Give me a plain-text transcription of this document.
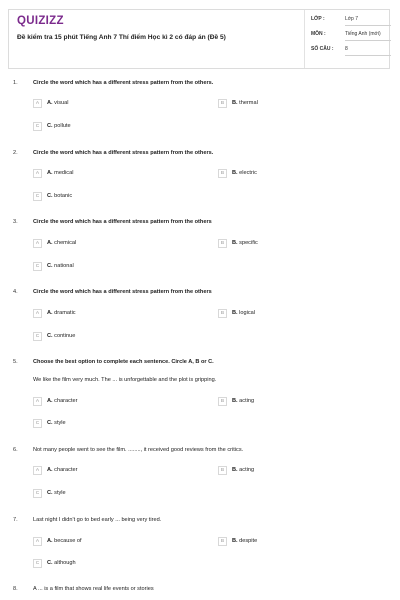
QUIZIZZ
Đề kiểm tra 15 phút Tiếng Anh 7 Thí điểm Học kì 2 có đáp án (Đề 5)
LỚP :	Lớp 7
MÔN :	Tiếng Anh (mới)
SỐ CÂU : 8
1.	Circle the word which has a different stress pattern from the others.
A	A. visual	B	B. thermal
C	C. pollute
2.	Circle the word which has a different stress pattern from the others.
A	A. medical	B	B. electric
C	C. botanic
3.	Circle the word which has a different stress pattern from the others
A	A. chemical	B	B. specific
C	C. national
4.	Circle the word which has a different stress pattern from the others
A	A. dramatic	B	B. logical
C	C. continue
5.	Choose the best option to complete each sentence. Circle A, B or C.
We like the film very much. The ... is unforgettable and the plot is gripping.
A	A. character	B	B. acting
C	C. style
6.	Not many people went to see the film. ........, it received good reviews from the critics.
A	A. character	B	B. acting
C	C. style
7.	Last night I didn't go to bed early ... being very tired.
A	A. because of	B	B. despite
C	C. although
8.	A ... is a film that shows real life events or stories
